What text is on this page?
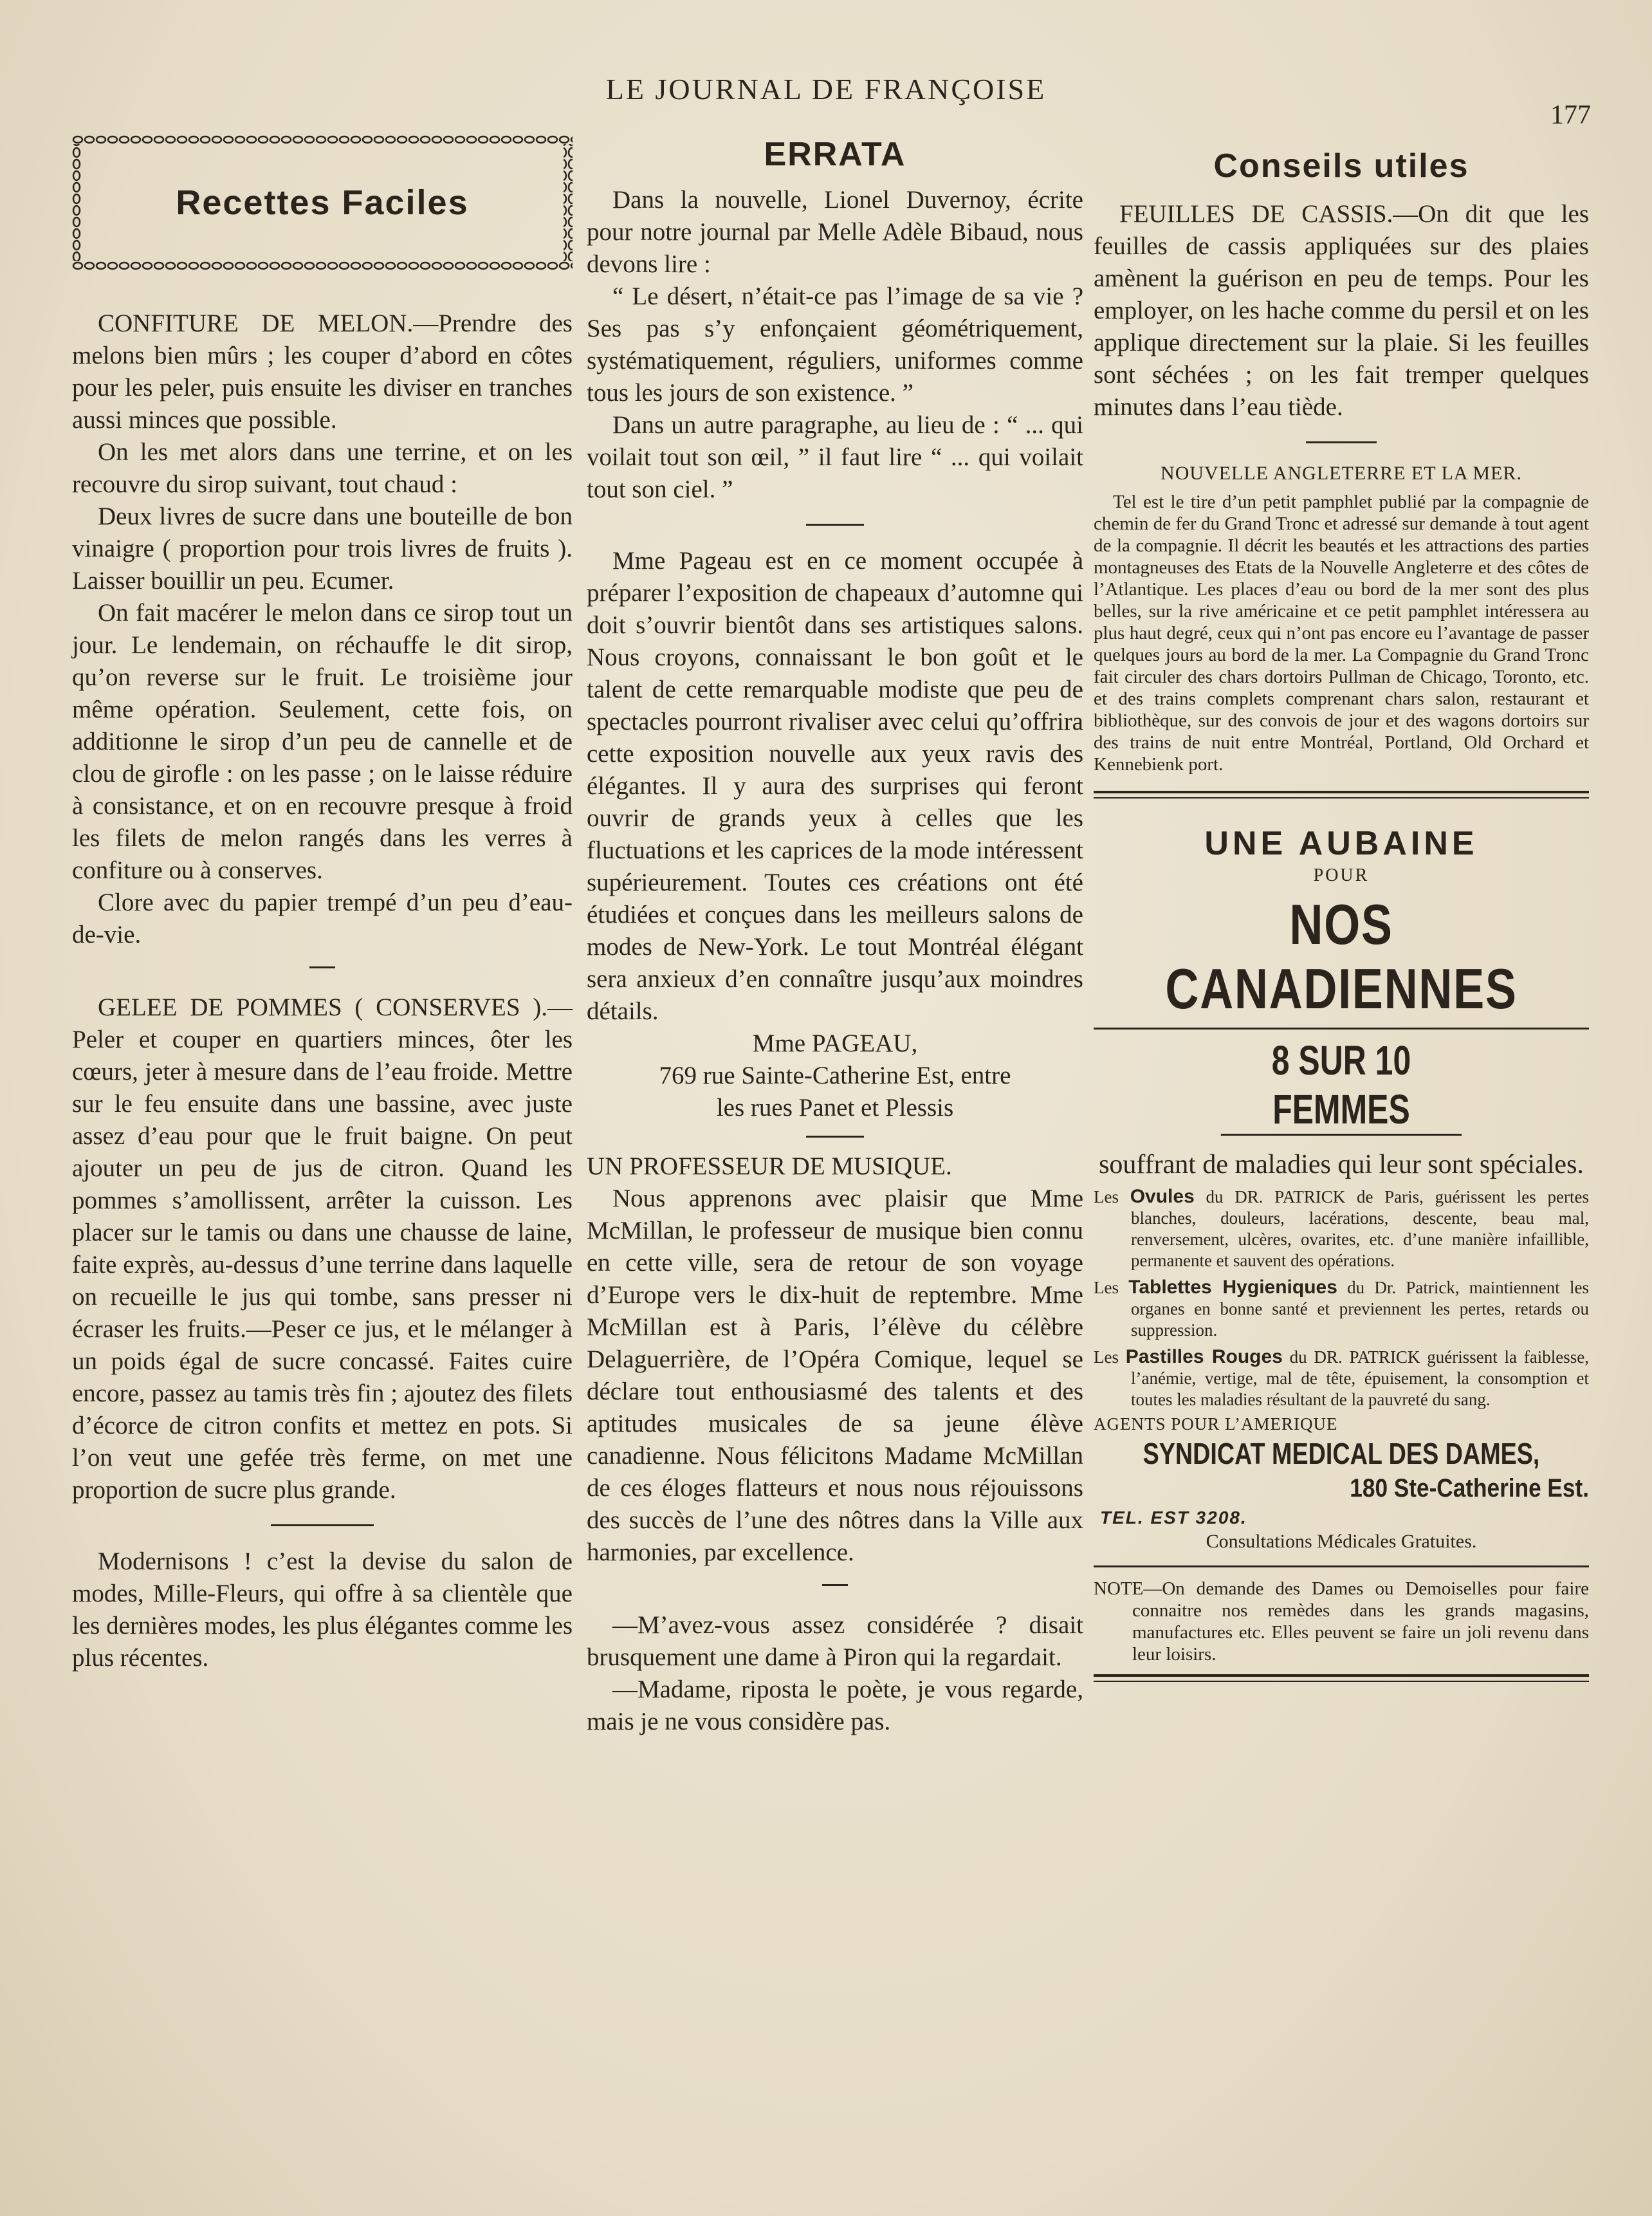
LE JOURNAL DE FRANÇOISE
177
Recettes Faciles

CONFITURE DE MELON.—Prendre des melons bien mûrs ; les couper d’abord en côtes pour les peler, puis ensuite les diviser en tranches aussi minces que possible.

On les met alors dans une terrine, et on les recouvre du sirop suivant, tout chaud :

Deux livres de sucre dans une bouteille de bon vinaigre ( proportion pour trois livres de fruits ). Laisser bouillir un peu. Ecumer.

On fait macérer le melon dans ce sirop tout un jour. Le lendemain, on réchauffe le dit sirop, qu’on reverse sur le fruit. Le troisième jour même opération. Seulement, cette fois, on additionne le sirop d’un peu de cannelle et de clou de girofle : on les passe ; on le laisse réduire à consistance, et on en recouvre presque à froid les filets de melon rangés dans les verres à confiture ou à conserves.

Clore avec du papier trempé d’un peu d’eau-de-vie.

GELEE DE POMMES ( CONSERVES ).—Peler et couper en quartiers minces, ôter les cœurs, jeter à mesure dans de l’eau froide. Mettre sur le feu ensuite dans une bassine, avec juste assez d’eau pour que le fruit baigne. On peut ajouter un peu de jus de citron. Quand les pommes s’amollissent, arrêter la cuisson. Les placer sur le tamis ou dans une chausse de laine, faite exprès, au-dessus d’une terrine dans laquelle on recueille le jus qui tombe, sans presser ni écraser les fruits.—Peser ce jus, et le mélanger à un poids égal de sucre concassé. Faites cuire encore, passez au tamis très fin ; ajoutez des filets d’écorce de citron confits et mettez en pots. Si l’on veut une gefée très ferme, on met une proportion de sucre plus grande.

Modernisons ! c’est la devise du salon de modes, Mille-Fleurs, qui offre à sa clientèle que les dernières modes, les plus élégantes comme les plus récentes.

ERRATA

Dans la nouvelle, Lionel Duvernoy, écrite pour notre journal par Melle Adèle Bibaud, nous devons lire :

“ Le désert, n’était-ce pas l’image de sa vie ? Ses pas s’y enfonçaient géométriquement, systématiquement, réguliers, uniformes comme tous les jours de son existence. ”

Dans un autre paragraphe, au lieu de : “ ... qui voilait tout son œil, ” il faut lire “ ... qui voilait tout son ciel. ”

Mme Pageau est en ce moment occupée à préparer l’exposition de chapeaux d’automne qui doit s’ouvrir bientôt dans ses artistiques salons. Nous croyons, connaissant le bon goût et le talent de cette remarquable modiste que peu de spectacles pourront rivaliser avec celui qu’offrira cette exposition nouvelle aux yeux ravis des élégantes. Il y aura des surprises qui feront ouvrir de grands yeux à celles que les fluctuations et les caprices de la mode intéressent supérieurement. Toutes ces créations ont été étudiées et conçues dans les meilleurs salons de modes de New-York. Le tout Montréal élégant sera anxieux d’en connaître jusqu’aux moindres détails.

Mme PAGEAU,
769 rue Sainte-Catherine Est, entre
les rues Panet et Plessis

UN PROFESSEUR DE MUSIQUE.

Nous apprenons avec plaisir que Mme McMillan, le professeur de musique bien connu en cette ville, sera de retour de son voyage d’Europe vers le dix-huit de reptembre. Mme McMillan est à Paris, l’élève du célèbre Delaguerrière, de l’Opéra Comique, lequel se déclare tout enthousiasmé des talents et des aptitudes musicales de sa jeune élève canadienne. Nous félicitons Madame McMillan de ces éloges flatteurs et nous nous réjouissons des succès de l’une des nôtres dans la Ville aux harmonies, par excellence.

—M’avez-vous assez considérée ? disait brusquement une dame à Piron qui la regardait.

—Madame, riposta le poète, je vous regarde, mais je ne vous considère pas.

Conseils utiles

FEUILLES DE CASSIS.—On dit que les feuilles de cassis appliquées sur des plaies amènent la guérison en peu de temps. Pour les employer, on les hache comme du persil et on les applique directement sur la plaie. Si les feuilles sont séchées ; on les fait tremper quelques minutes dans l’eau tiède.

NOUVELLE ANGLETERRE ET LA MER.

Tel est le tire d’un petit pamphlet publié par la compagnie de chemin de fer du Grand Tronc et adressé sur demande à tout agent de la compagnie. Il décrit les beautés et les attractions des parties montagneuses des Etats de la Nouvelle Angleterre et des côtes de l’Atlantique. Les places d’eau ou bord de la mer sont des plus belles, sur la rive américaine et ce petit pamphlet intéressera au plus haut degré, ceux qui n’ont pas encore eu l’avantage de passer quelques jours au bord de la mer. La Compagnie du Grand Tronc fait circuler des chars dortoirs Pullman de Chicago, Toronto, etc. et des trains complets comprenant chars salon, restaurant et bibliothèque, sur des convois de jour et des wagons dortoirs sur des trains de nuit entre Montréal, Portland, Old Orchard et Kennebienk port.

UNE AUBAINE
POUR
NOS CANADIENNES
8 SUR 10 FEMMES
souffrant de maladies qui leur sont spéciales.
Les Ovules du DR. PATRICK de Paris, guérissent les pertes blanches, douleurs, lacérations, descente, beau mal, renversement, ulcères, ovarites, etc. d’une manière infaillible, permanente et sauvent des opérations.
Les Tablettes Hygieniques du Dr. Patrick, maintiennent les organes en bonne santé et previennent les pertes, retards ou suppression.
Les Pastilles Rouges du DR. PATRICK guérissent la faiblesse, l’anémie, vertige, mal de tête, épuisement, la consomption et toutes les maladies résultant de la pauvreté du sang.
AGENTS POUR L’AMERIQUE
SYNDICAT MEDICAL DES DAMES,
180 Ste-Catherine Est.
TEL. EST 3208.
Consultations Médicales Gratuites.

NOTE—On demande des Dames ou Demoiselles pour faire connaitre nos remèdes dans les grands magasins, manufactures etc. Elles peuvent se faire un joli revenu dans leur loisirs.
